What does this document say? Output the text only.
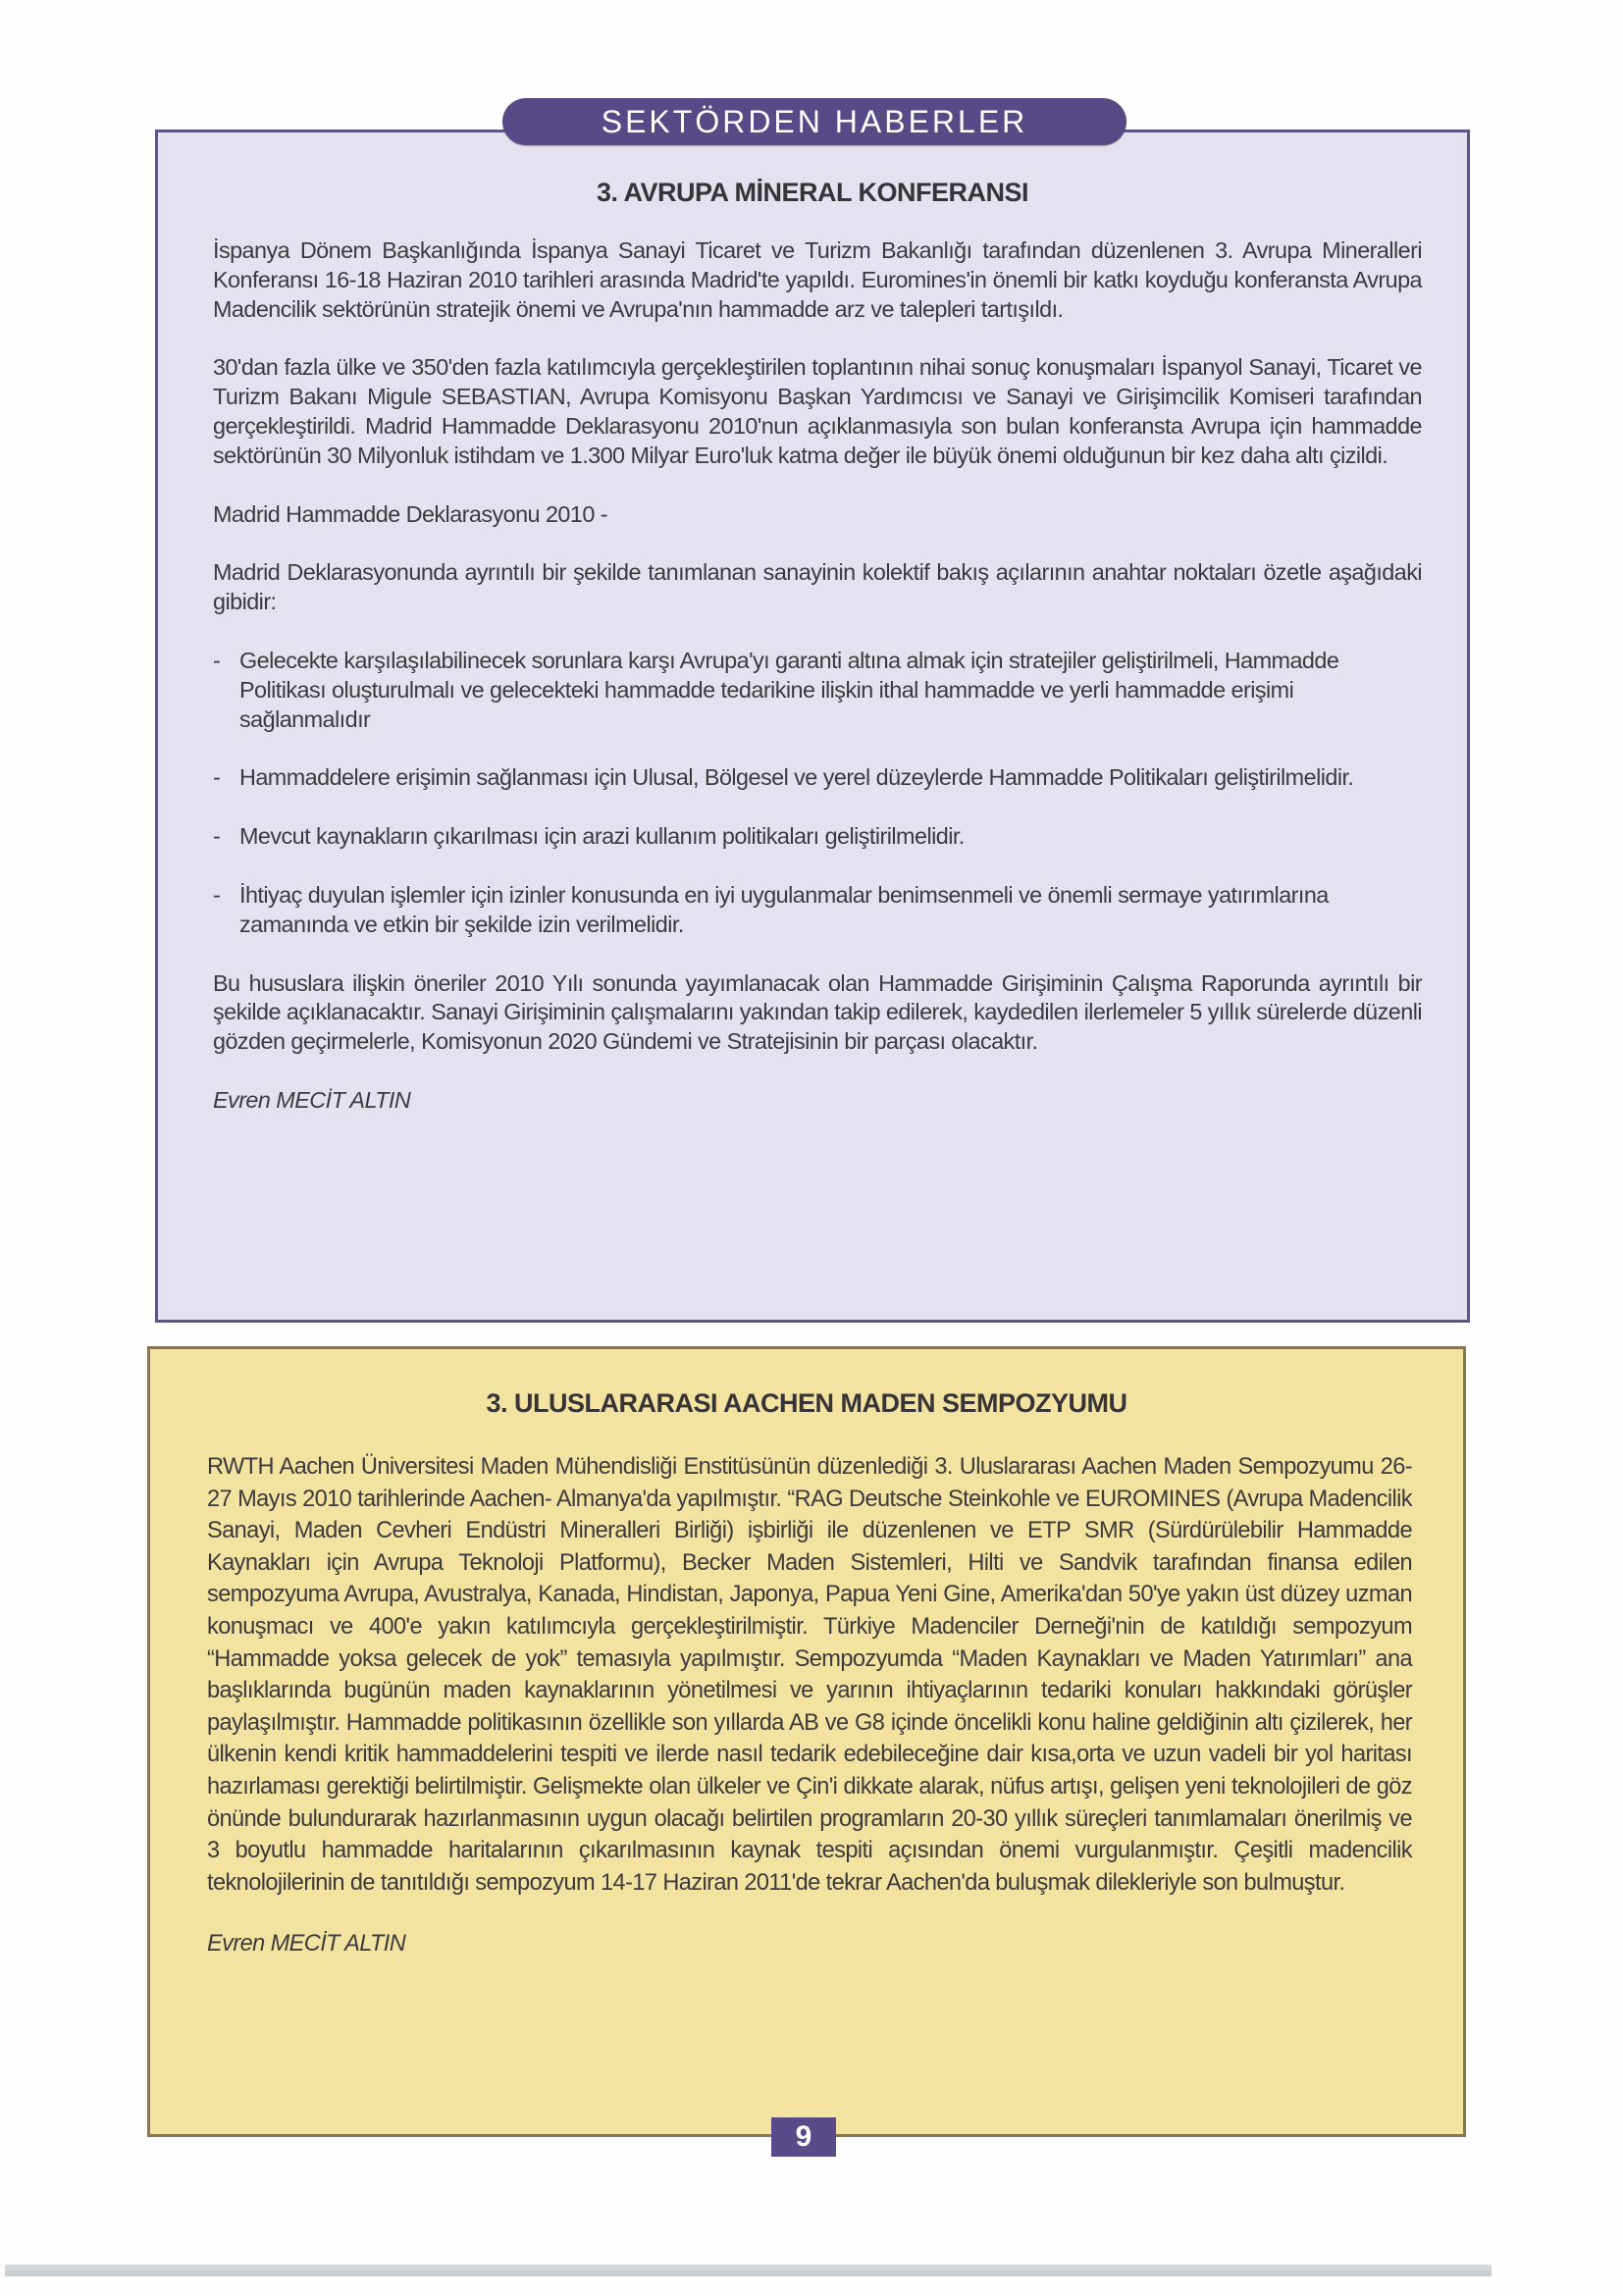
3. AVRUPA MİNERAL KONFERANSI

İspanya Dönem Başkanlığında İspanya Sanayi Ticaret ve Turizm Bakanlığı tarafından düzenlenen 3. Avrupa Mineralleri Konferansı 16-18 Haziran 2010 tarihleri arasında Madrid'te yapıldı. Euromines'in önemli bir katkı koyduğu konferansta Avrupa Madencilik sektörünün stratejik önemi ve Avrupa'nın hammadde arz ve talepleri tartışıldı.

30'dan fazla ülke ve 350'den fazla katılımcıyla gerçekleştirilen toplantının nihai sonuç konuşmaları İspanyol Sanayi, Ticaret ve Turizm Bakanı Migule SEBASTIAN, Avrupa Komisyonu Başkan Yardımcısı ve Sanayi ve Girişimcilik Komiseri tarafından gerçekleştirildi. Madrid Hammadde Deklarasyonu 2010'nun açıklanmasıyla son bulan konferansta Avrupa için hammadde sektörünün 30 Milyonluk istihdam ve 1.300 Milyar Euro'luk katma değer ile büyük önemi olduğunun bir kez daha altı çizildi.

Madrid Hammadde Deklarasyonu 2010 -

Madrid Deklarasyonunda ayrıntılı bir şekilde tanımlanan sanayinin kolektif bakış açılarının anahtar noktaları özetle aşağıdaki gibidir:

- Gelecekte karşılaşılabilinecek sorunlara karşı Avrupa'yı garanti altına almak için stratejiler geliştirilmeli, Hammadde Politikası oluşturulmalı ve gelecekteki hammadde tedarikine ilişkin ithal hammadde ve yerli hammadde erişimi sağlanmalıdır
- Hammaddelere erişimin sağlanması için Ulusal, Bölgesel ve yerel düzeylerde Hammadde Politikaları geliştirilmelidir.
- Mevcut kaynakların çıkarılması için arazi kullanım politikaları geliştirilmelidir.
- İhtiyaç duyulan işlemler için izinler konusunda en iyi uygulanmalar benimsenmeli ve önemli sermaye yatırımlarına zamanında ve etkin bir şekilde izin verilmelidir.

Bu hususlara ilişkin öneriler 2010 Yılı sonunda yayımlanacak olan Hammadde Girişiminin Çalışma Raporunda ayrıntılı bir şekilde açıklanacaktır. Sanayi Girişiminin çalışmalarını yakından takip edilerek, kaydedilen ilerlemeler 5 yıllık sürelerde düzenli gözden geçirmelerle, Komisyonun 2020 Gündemi ve Stratejisinin bir parçası olacaktır.

Evren MECİT ALTIN
SEKTÖRDEN HABERLER
3. ULUSLARARASI AACHEN MADEN SEMPOZYUMU

RWTH Aachen Üniversitesi Maden Mühendisliği Enstitüsünün düzenlediği 3. Uluslararası Aachen Maden Sempozyumu 26-27 Mayıs 2010 tarihlerinde Aachen- Almanya'da yapılmıştır. “RAG Deutsche Steinkohle ve EUROMINES (Avrupa Madencilik Sanayi, Maden Cevheri Endüstri Mineralleri Birliği) işbirliği ile düzenlenen ve ETP SMR (Sürdürülebilir Hammadde Kaynakları için Avrupa Teknoloji Platformu), Becker Maden Sistemleri, Hilti ve Sandvik tarafından finansa edilen sempozyuma Avrupa, Avustralya, Kanada, Hindistan, Japonya, Papua Yeni Gine, Amerika'dan 50'ye yakın üst düzey uzman konuşmacı ve 400'e yakın katılımcıyla gerçekleştirilmiştir. Türkiye Madenciler Derneği'nin de katıldığı sempozyum “Hammadde yoksa gelecek de yok” temasıyla yapılmıştır. Sempozyumda “Maden Kaynakları ve Maden Yatırımları” ana başlıklarında bugünün maden kaynaklarının yönetilmesi ve yarının ihtiyaçlarının tedariki konuları hakkındaki görüşler paylaşılmıştır. Hammadde politikasının özellikle son yıllarda AB ve G8 içinde öncelikli konu haline geldiğinin altı çizilerek, her ülkenin kendi kritik hammaddelerini tespiti ve ilerde nasıl tedarik edebileceğine dair kısa,orta ve uzun vadeli bir yol haritası hazırlaması gerektiği belirtilmiştir. Gelişmekte olan ülkeler ve Çin'i dikkate alarak, nüfus artışı, gelişen yeni teknolojileri de göz önünde bulundurarak hazırlanmasının uygun olacağı belirtilen programların 20-30 yıllık süreçleri tanımlamaları önerilmiş ve 3 boyutlu hammadde haritalarının çıkarılmasının kaynak tespiti açısından önemi vurgulanmıştır. Çeşitli madencilik teknolojilerinin de tanıtıldığı sempozyum 14-17 Haziran 2011'de tekrar Aachen'da buluşmak dilekleriyle son bulmuştur.

Evren MECİT ALTIN
9
